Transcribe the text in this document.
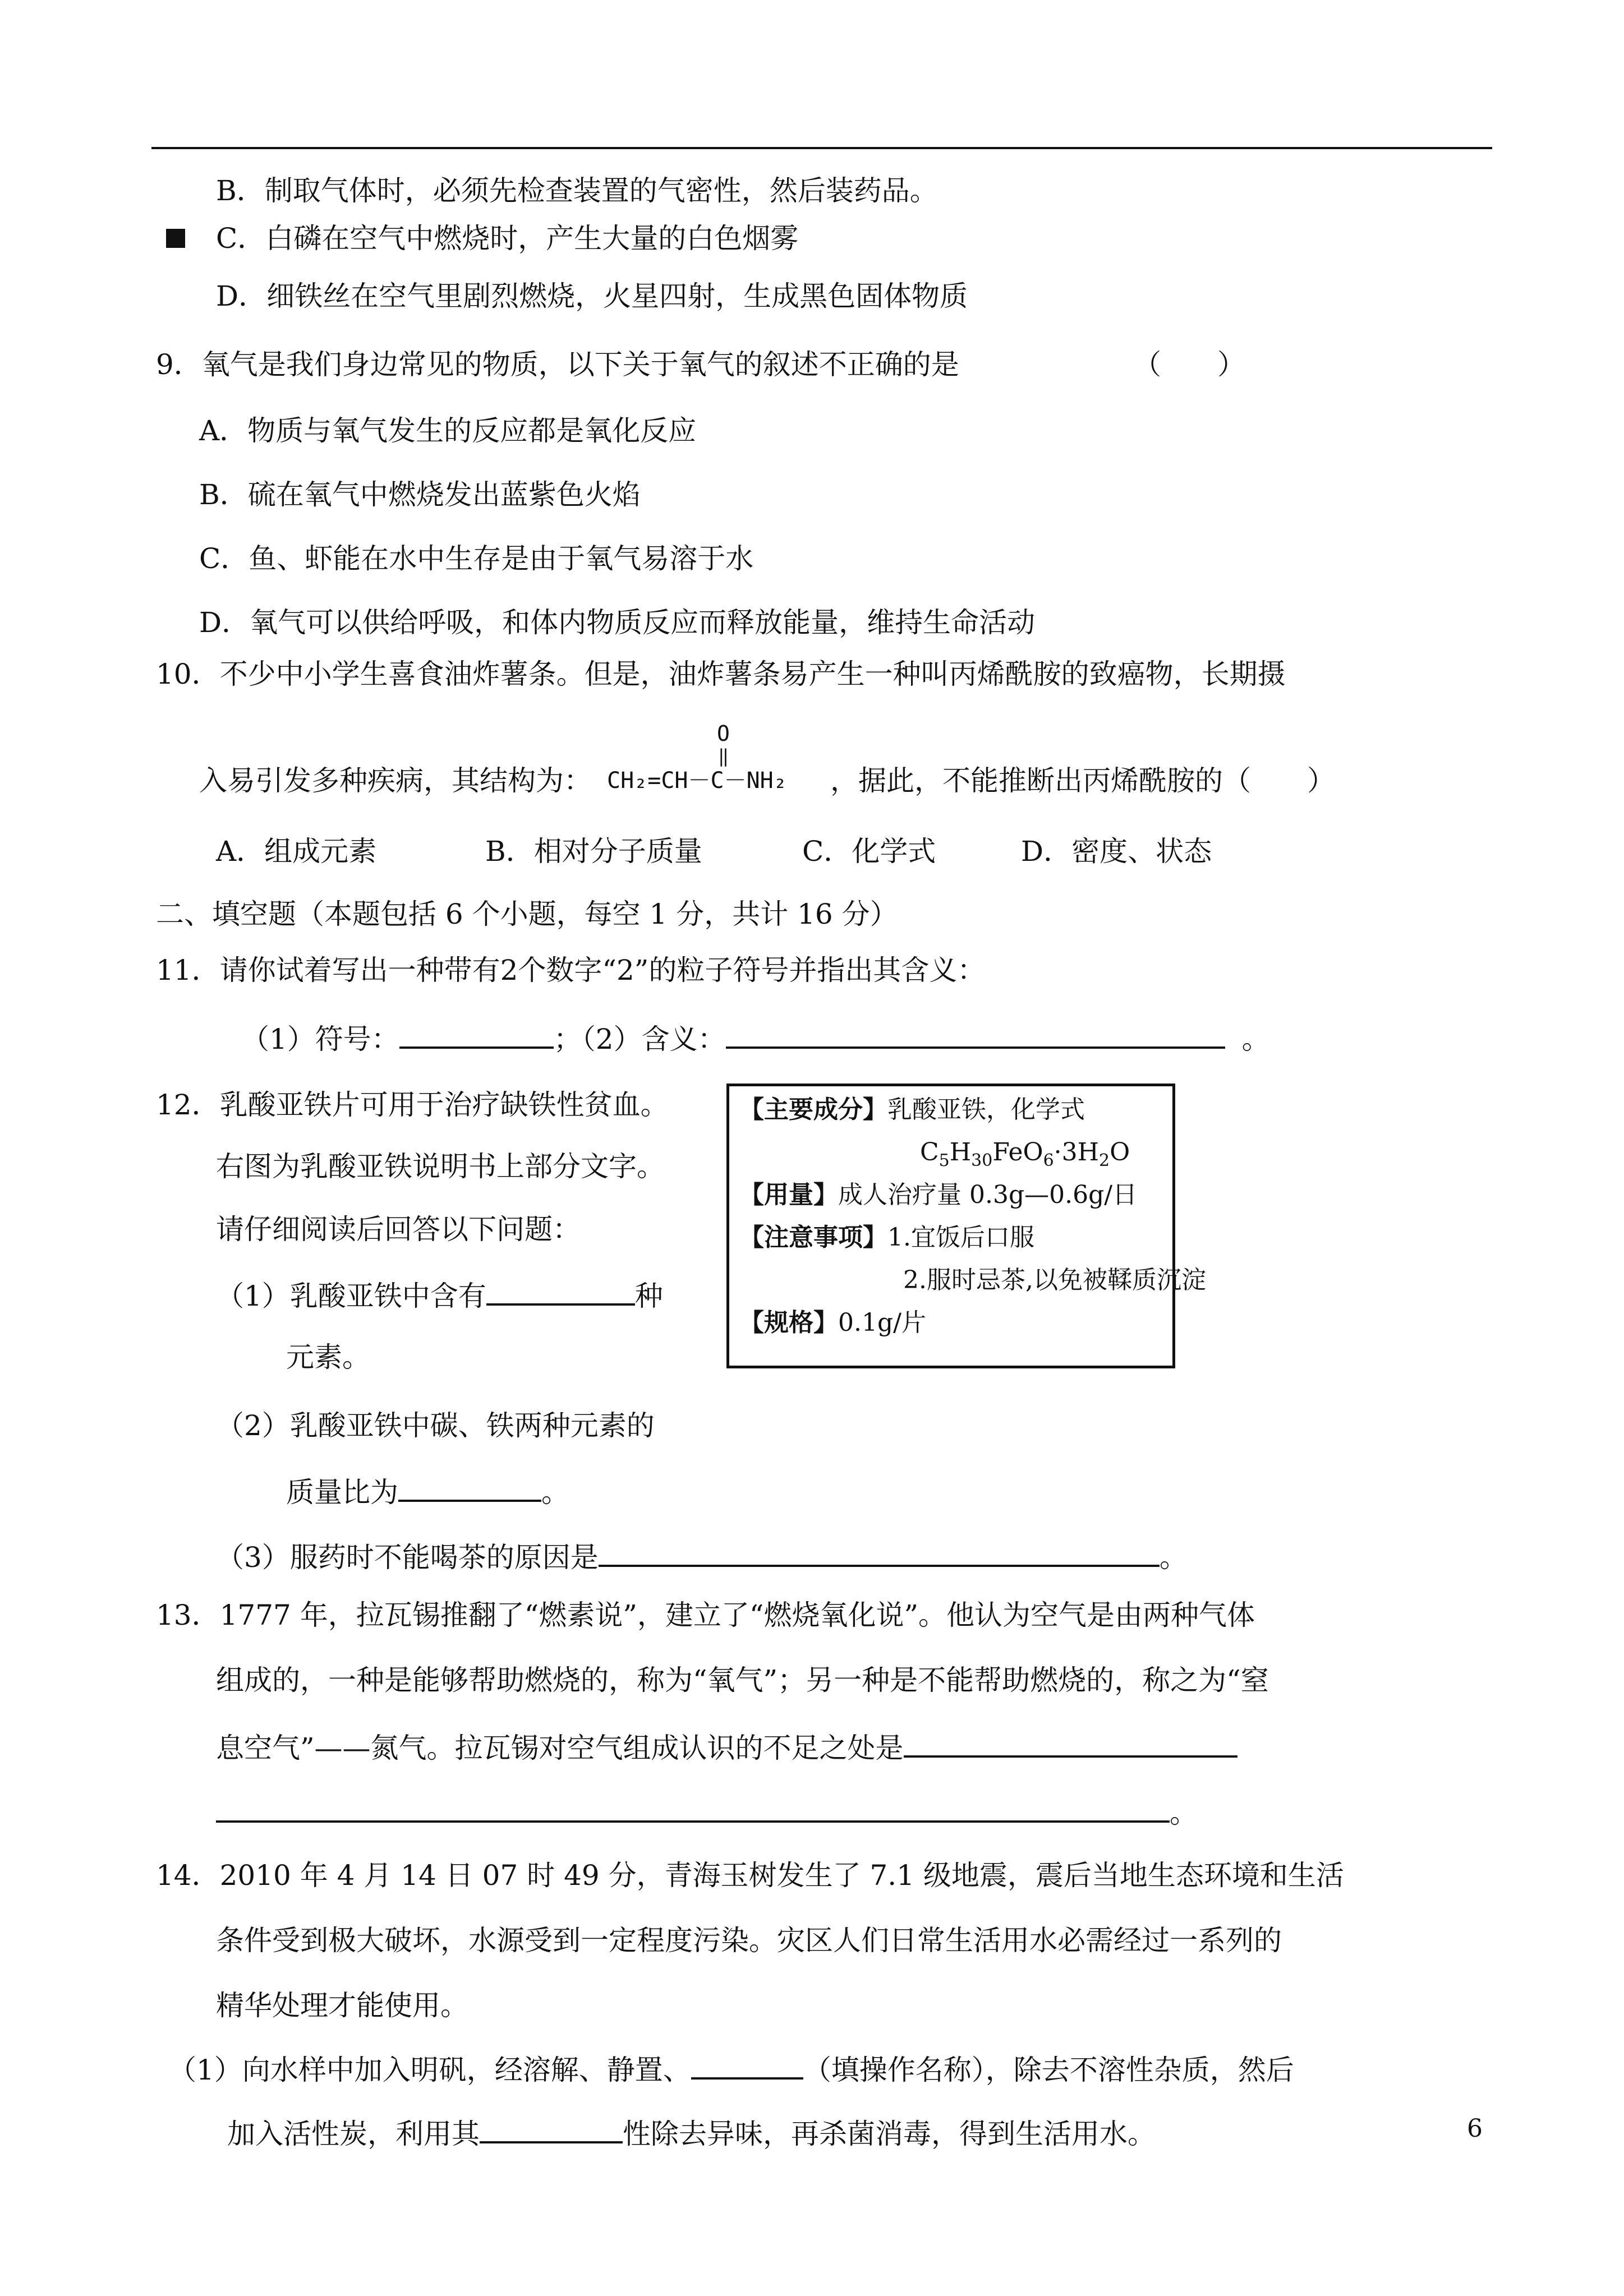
B．制取气体时，必须先检查装置的气密性，然后装药品。
C．白磷在空气中燃烧时，产生大量的白色烟雾
D．细铁丝在空气里剧烈燃烧，火星四射，生成黑色固体物质
9．氧气是我们身边常见的物质，以下关于氧气的叙述不正确的是	（　　）
A．物质与氧气发生的反应都是氧化反应
B．硫在氧气中燃烧发出蓝紫色火焰
C．鱼、虾能在水中生存是由于氧气易溶于水
D．氧气可以供给呼吸，和体内物质反应而释放能量，维持生命活动
10．不少中小学生喜食油炸薯条。但是，油炸薯条易产生一种叫丙烯酰胺的致癌物，长期摄
入易引发多种疾病，其结构为：
O
‖
CH₂=CH－C－NH₂ ，据此，不能推断出丙烯酰胺的（　　）
A．组成元素	B．相对分子质量	C．化学式	D．密度、状态
二、填空题（本题包括 6 个小题，每空 1 分，共计 16 分）
11．请你试着写出一种带有2个数字“2”的粒子符号并指出其含义：
（1）符号：	；（2）含义：	。
12．乳酸亚铁片可用于治疗缺铁性贫血。
右图为乳酸亚铁说明书上部分文字。
请仔细阅读后回答以下问题：
（1）乳酸亚铁中含有	种
元素。
（2）乳酸亚铁中碳、铁两种元素的
质量比为	。
（3）服药时不能喝茶的原因是	。
【主要成分】乳酸亚铁，化学式
$C_5H_{30}FeO_6\cdot 3H_2O$
【用量】成人治疗量 0.3g—0.6g/日
【注意事项】1.宜饭后口服
2.服时忌茶,以免被鞣质沉淀
【规格】0.1g/片
13．1777 年，拉瓦锡推翻了“燃素说”，建立了“燃烧氧化说”。他认为空气是由两种气体
组成的，一种是能够帮助燃烧的，称为“氧气”；另一种是不能帮助燃烧的，称之为“窒
息空气”——氮气。拉瓦锡对空气组成认识的不足之处是
。
14．2010 年 4 月 14 日 07 时 49 分，青海玉树发生了 7.1 级地震，震后当地生态环境和生活
条件受到极大破坏，水源受到一定程度污染。灾区人们日常生活用水必需经过一系列的
精华处理才能使用。
（1）向水样中加入明矾，经溶解、静置、	（填操作名称），除去不溶性杂质，然后
加入活性炭，利用其	性除去异味，再杀菌消毒，得到生活用水。	6
